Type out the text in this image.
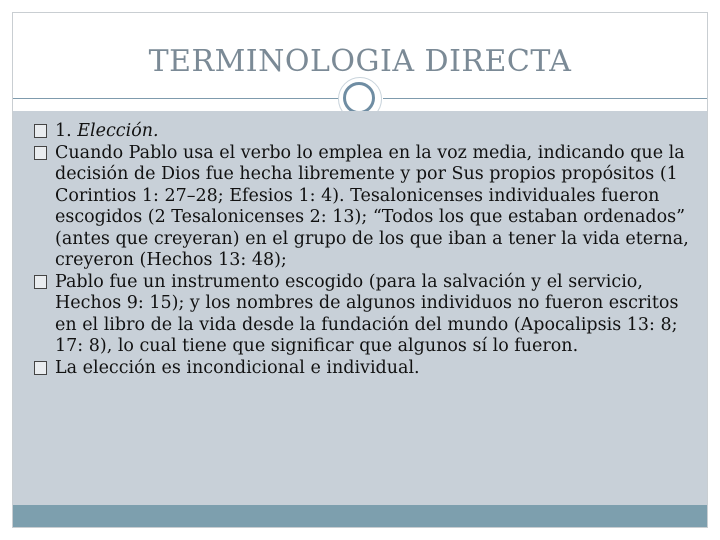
TERMINOLOGIA DIRECTA

1. Elección.

Cuando Pablo usa el verbo lo emplea en la voz media, indicando que la decisión de Dios fue hecha libremente y por Sus propios propósitos (1 Corintios 1: 27–28; Efesios 1: 4). Tesalonicenses individuales fueron escogidos (2 Tesalonicenses 2: 13); “Todos los que estaban ordenados” (antes que creyeran) en el grupo de los que iban a tener la vida eterna, creyeron (Hechos 13: 48);

Pablo fue un instrumento escogido (para la salvación y el servicio, Hechos 9: 15); y los nombres de algunos individuos no fueron escritos en el libro de la vida desde la fundación del mundo (Apocalipsis 13: 8; 17: 8), lo cual tiene que significar que algunos sí lo fueron.

La elección es incondicional e individual.
